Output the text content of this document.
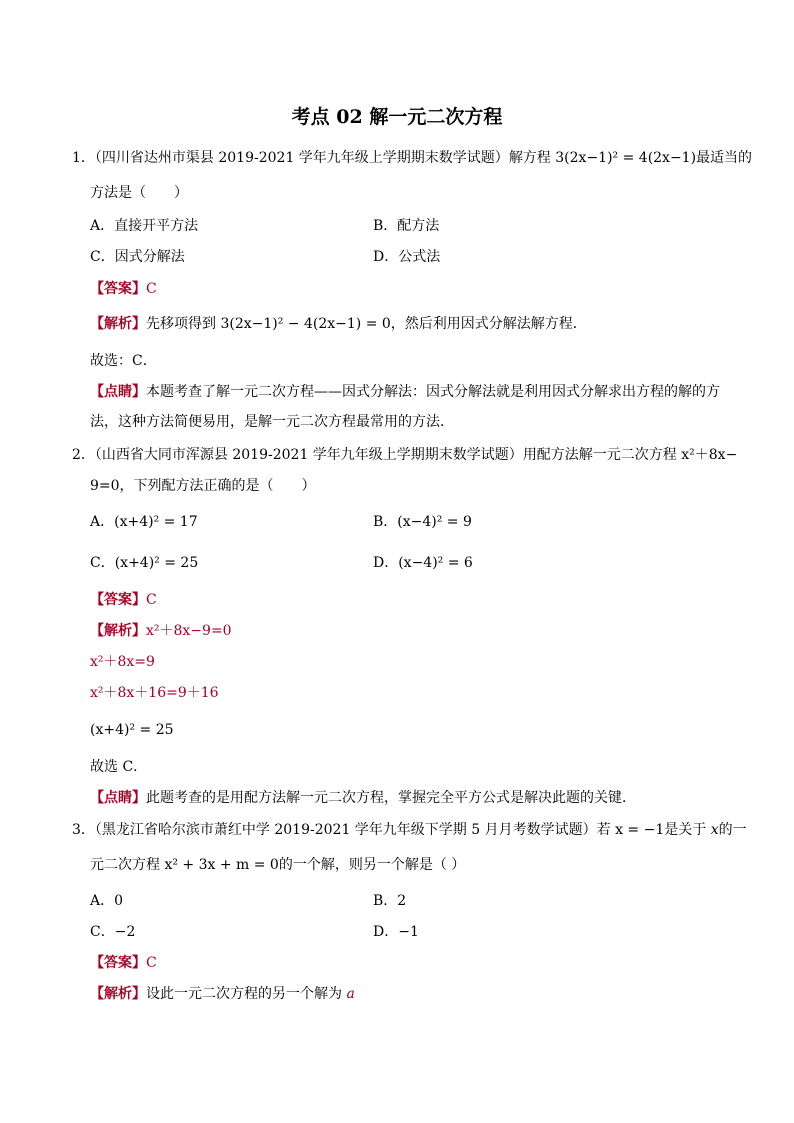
考点 02 解一元二次方程
1．（四川省达州市渠县 2019-2021 学年九年级上学期期末数学试题）解方程 3(2x−1)² = 4(2x−1)最适当的
方法是（　　）
A．直接开平方法	B．配方法
C．因式分解法	D．公式法
【答案】C
【解析】先移项得到 3(2x−1)² − 4(2x−1) = 0，然后利用因式分解法解方程．
故选：C．
【点睛】本题考查了解一元二次方程——因式分解法：因式分解法就是利用因式分解求出方程的解的方
法，这种方法简便易用，是解一元二次方程最常用的方法．
2．（山西省大同市浑源县 2019-2021 学年九年级上学期期末数学试题）用配方法解一元二次方程 x²＋8x−
9=0，下列配方法正确的是（　　）
A．(x+4)² = 17	B．(x−4)² = 9
C．(x+4)² = 25	D．(x−4)² = 6
【答案】C
【解析】x²＋8x−9=0
x²＋8x=9
x²＋8x＋16=9＋16
(x+4)² = 25
故选 C．
【点睛】此题考查的是用配方法解一元二次方程，掌握完全平方公式是解决此题的关键．
3．（黑龙江省哈尔滨市萧红中学 2019-2021 学年九年级下学期 5 月月考数学试题）若 x = −1是关于 x的一
元二次方程 x² + 3x + m = 0的一个解，则另一个解是（ ）
A．0	B．2
C．−2	D．−1
【答案】C
【解析】设此一元二次方程的另一个解为 a
